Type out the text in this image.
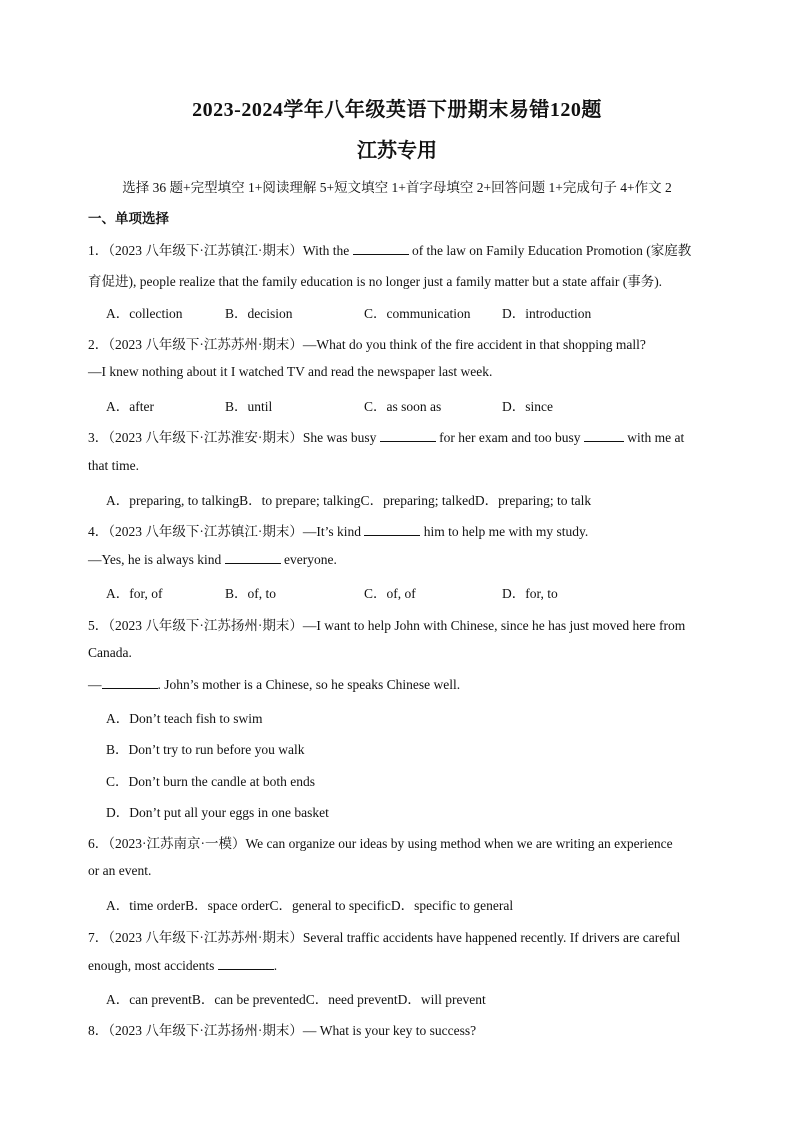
2023-2024学年八年级英语下册期末易错120题
江苏专用
选择 36 题+完型填空 1+阅读理解 5+短文填空 1+首字母填空 2+回答问题 1+完成句子 4+作文 2
一、单项选择
1．（2023 八年级下·江苏镇江·期末）With the	of the law on Family Education Promotion (家庭教
育促进), people realize that the family education is no longer just a family matter but a state affair (事务).
A．collection	B．decision	C．communication D．introduction
2．（2023 八年级下·江苏苏州·期末）—What do you think of the fire accident in that shopping mall?
—I knew nothing about it I watched TV and read the newspaper last week.
A．after	B．until	C．as soon as	D．since
3．（2023 八年级下·江苏淮安·期末）She was busy	for her exam and too busy	with me at
that time.
A．preparing, to talkingB．to prepare; talkingC．preparing; talkedD．preparing; to talk
4．（2023 八年级下·江苏镇江·期末）—It’s kind	him to help me with my study.
—Yes, he is always kind	everyone.
A．for, of	B．of, to	C．of, of	D．for, to
5．（2023 八年级下·江苏扬州·期末）—I want to help John with Chinese, since he has just moved here from
Canada.
—	. John’s mother is a Chinese, so he speaks Chinese well.
A．Don’t teach fish to swim
B．Don’t try to run before you walk
C．Don’t burn the candle at both ends
D．Don’t put all your eggs in one basket
6．（2023·江苏南京·一模）We can organize our ideas by using method when we are writing an experience
or an event.
A．time orderB．space orderC．general to specificD．specific to general
7．（2023 八年级下·江苏苏州·期末）Several traffic accidents have happened recently. If drivers are careful
enough, most accidents	.
A．can preventB．can be preventedC．need preventD．will prevent
8．（2023 八年级下·江苏扬州·期末）— What is your key to success?
